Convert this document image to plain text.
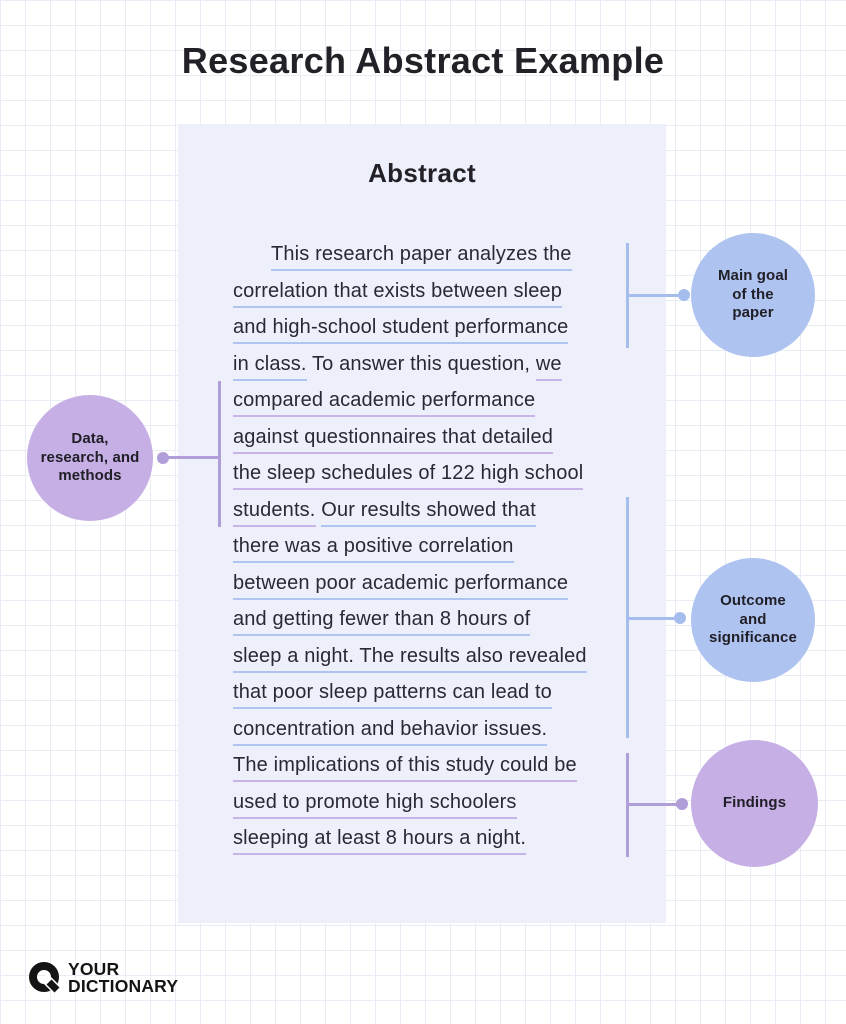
Research Abstract Example
Abstract
This research paper analyzes the
correlation that exists between sleep
and high-school student performance
in class. To answer this question, we
compared academic performance
against questionnaires that detailed
the sleep schedules of 122 high school
students. Our results showed that
there was a positive correlation
between poor academic performance
and getting fewer than 8 hours of
sleep a night. The results also revealed
that poor sleep patterns can lead to
concentration and behavior issues.
The implications of this study could be
used to promote high schoolers
sleeping at least 8 hours a night.
Main goal
of the
paper
Data,
research, and
methods
Outcome
and
significance
Findings
YOUR
DICTIONARY
